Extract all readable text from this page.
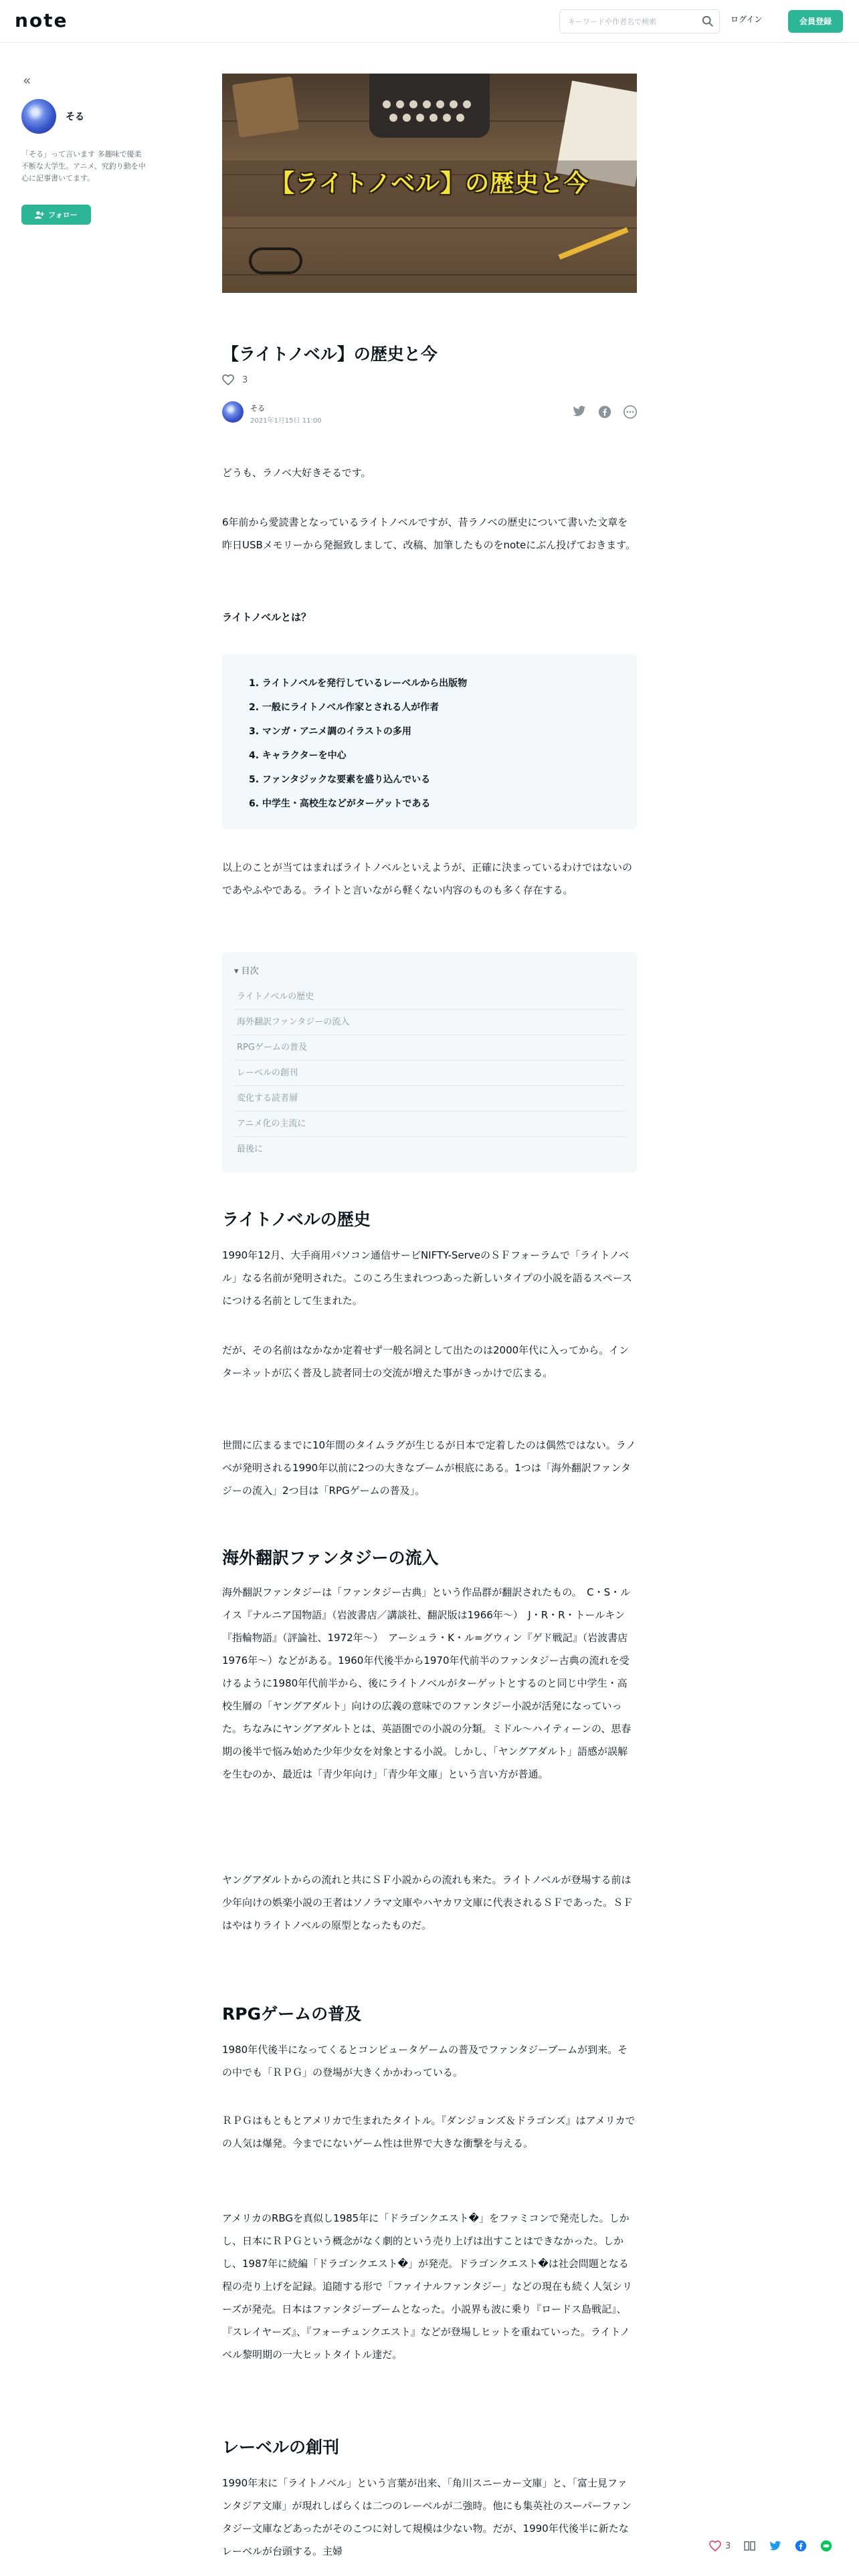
note
キーワードや作者名で検索	ログイン	会員登録
«
そる
「そる」って言います 多趣味で優柔不断な大学生。アニメ、究釣り動を中心に記事書いてます。
フォロー
【ライトノベル】の歴史と今
【ライトノベル】の歴史と今
3
そる
2021年1月15日 11:00

どうも、ラノベ大好きそるです。

6年前から愛読書となっているライトノベルですが、昔ラノベの歴史について書いた文章を昨日USBメモリーから発掘致しまして、改稿、加筆したものをnoteにぶん投げておきます。

ライトノベルとは？

1. ライトノベルを発行しているレーベルから出版物
2. 一般にライトノベル作家とされる人が作者
3. マンガ・アニメ調のイラストの多用
4. キャラクターを中心
5. ファンタジックな要素を盛り込んでいる
6. 中学生・高校生などがターゲットである

以上のことが当てはまればライトノベルといえようが、正確に決まっているわけではないのであやふやである。ライトと言いながら軽くない内容のものも多く存在する。

▾ 目次
ライトノベルの歴史
海外翻訳ファンタジーの流入
RPGゲームの普及
レーベルの創刊
変化する読者層
アニメ化の主流に
最後に
ライトノベルの歴史

1990年12月、大手商用パソコン通信サービNIFTY-ServeのＳＦフォーラムで「ライトノベル」なる名前が発明された。このころ生まれつつあった新しいタイプの小説を語るスペースにつける名前として生まれた。

だが、その名前はなかなか定着せず一般名詞として出たのは2000年代に入ってから。インターネットが広く普及し読者同士の交流が増えた事がきっかけで広まる。

世間に広まるまでに10年間のタイムラグが生じるが日本で定着したのは偶然ではない。ラノベが発明される1990年以前に2つの大きなブームが根底にある。1つは「海外翻訳ファンタジーの流入」2つ目は「RPGゲームの普及」。

海外翻訳ファンタジーの流入

海外翻訳ファンタジーは「ファンタジー古典」という作品群が翻訳されたもの。　C・S・ルイス『ナルニア国物語』（岩波書店／講談社、翻訳版は1966年〜）　J・R・R・トールキン『指輪物語』（評論社、1972年〜）　アーシュラ・K・ル=グウィン『ゲド戦記』（岩波書店　1976年〜）などがある。1960年代後半から1970年代前半のファンタジー古典の流れを受けるように1980年代前半から、後にライトノベルがターゲットとするのと同じ中学生・高校生層の「ヤングアダルト」向けの広義の意味でのファンタジー小説が活発になっていった。ちなみにヤングアダルトとは、英語圏での小説の分類。ミドル〜ハイティーンの、思春期の後半で悩み始めた少年少女を対象とする小説。しかし、「ヤングアダルト」語感が誤解を生むのか、最近は「青少年向け」「青少年文庫」という言い方が普通。

ヤングアダルトからの流れと共にＳＦ小説からの流れも来た。ライトノベルが登場する前は少年向けの娯楽小説の王者はソノラマ文庫やハヤカワ文庫に代表されるＳＦであった。ＳＦはやはりライトノベルの原型となったものだ。

RPGゲームの普及

1980年代後半になってくるとコンピュータゲームの普及でファンタジーブームが到来。その中でも「ＲＰＧ」の登場が大きくかかわっている。

ＲＰＧはもともとアメリカで生まれたタイトル。『ダンジョンズ＆ドラゴンズ』はアメリカでの人気は爆発。今までにないゲーム性は世界で大きな衝撃を与える。

アメリカのRBGを真似し1985年に「ドラゴンクエスト�」をファミコンで発売した。しかし、日本にＲＰＧという概念がなく劇的という売り上げは出すことはできなかった。しかし、1987年に続編「ドラゴンクエスト�」が発売。ドラゴンクエスト�は社会問題となる程の売り上げを記録。追随する形で「ファイナルファンタジー」などの現在も続く人気シリーズが発売。日本はファンタジーブームとなった。小説界も波に乗り『ロードス島戦記』、『スレイヤーズ』、『フォーチュンクエスト』などが登場しヒットを重ねていった。ライトノベル黎明期の一大ヒットタイトル達だ。

レーベルの創刊

1990年末に「ライトノベル」という言葉が出来、「角川スニーカー文庫」と、「富士見ファンタジア文庫」が現れしばらくは二つのレーベルが二強時。他にも集英社のスーパーファンタジー文庫などあったがそのこつに対して規模は少ない物。だが、1990年代後半に新たなレーベルが台頭する。主婦	3
